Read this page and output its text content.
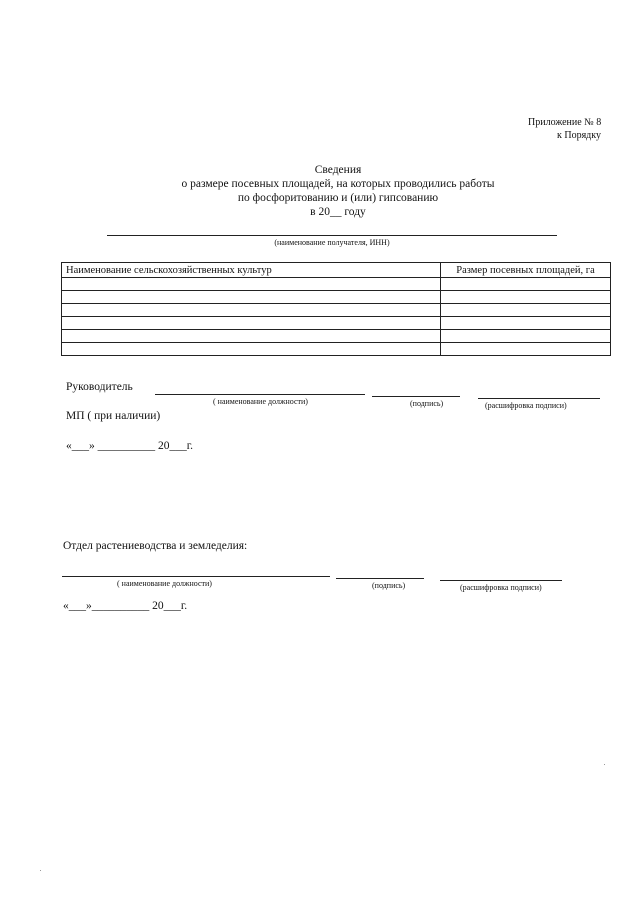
Приложение № 8
к Порядку
Сведения
о размере посевных площадей, на которых проводились работы
по фосфоритованию и (или) гипсованию
в 20__ году
(наименование получателя, ИНН)
Наименование сельскохозяйственных культур	Размер посевных площадей, га

Руководитель
( наименование должности)	(подпись)	(расшифровка подписи)
МП ( при наличии)
«___» __________ 20___г.
Отдел растениеводства и земледелия:
( наименование должности)	(подпись)	(расшифровка подписи)
«___»__________ 20___г.
